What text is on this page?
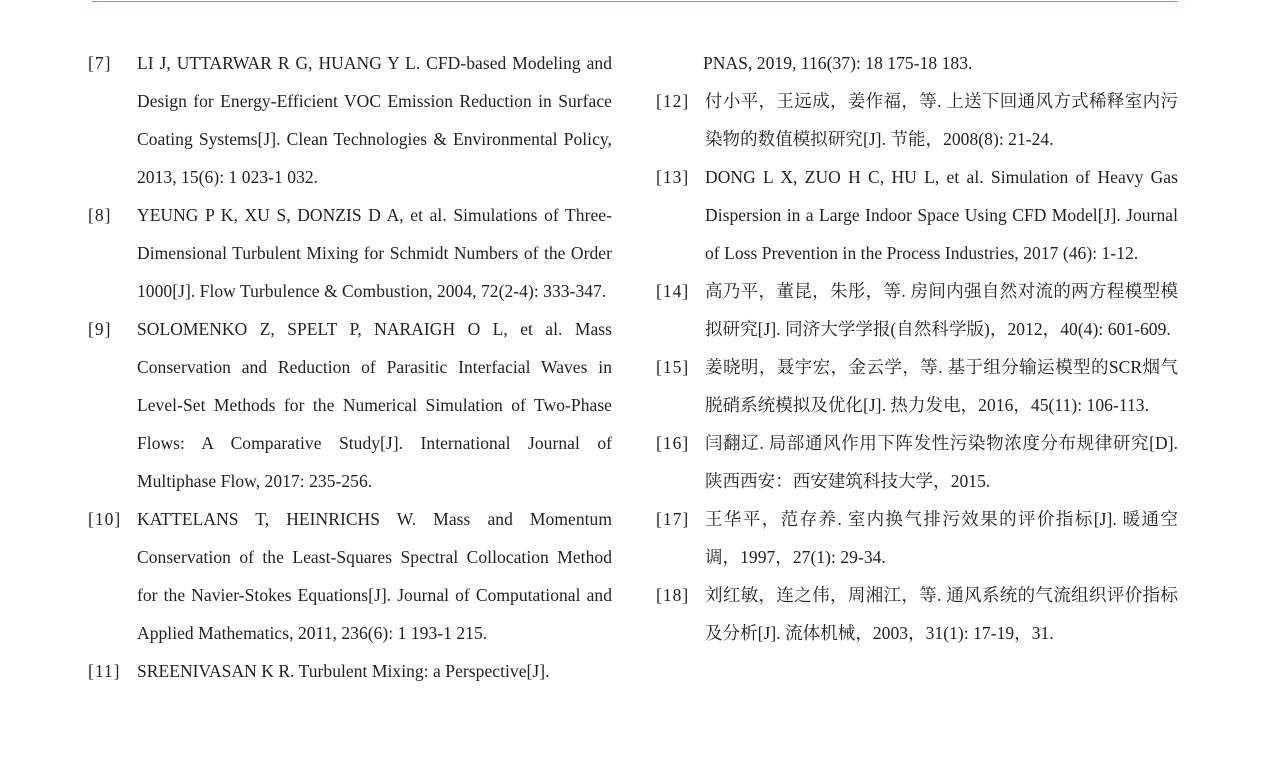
[7] LI J, UTTARWAR R G, HUANG Y L. CFD-based Modeling and Design for Energy-Efficient VOC Emission Reduction in Surface Coating Systems[J]. Clean Technologies & Environmental Policy, 2013, 15(6): 1 023-1 032.
[8] YEUNG P K, XU S, DONZIS D A, et al. Simulations of Three-Dimensional Turbulent Mixing for Schmidt Numbers of the Order 1000[J]. Flow Turbulence & Combustion, 2004, 72(2-4): 333-347.
[9] SOLOMENKO Z, SPELT P, NARAIGH O L, et al. Mass Conservation and Reduction of Parasitic Interfacial Waves in Level-Set Methods for the Numerical Simulation of Two-Phase Flows: A Comparative Study[J]. International Journal of Multiphase Flow, 2017: 235-256.
[10] KATTELANS T, HEINRICHS W. Mass and Momentum Conservation of the Least-Squares Spectral Collocation Method for the Navier-Stokes Equations[J]. Journal of Computational and Applied Mathematics, 2011, 236(6): 1 193-1 215.
[11] SREENIVASAN K R. Turbulent Mixing: a Perspective[J].
PNAS, 2019, 116(37): 18 175-18 183.
[12] 付小平，王远成，姜作福，等. 上送下回通风方式稀释室内污染物的数值模拟研究[J]. 节能，2008(8): 21-24.
[13] DONG L X, ZUO H C, HU L, et al. Simulation of Heavy Gas Dispersion in a Large Indoor Space Using CFD Model[J]. Journal of Loss Prevention in the Process Industries, 2017 (46): 1-12.
[14] 高乃平，董昆，朱彤，等. 房间内强自然对流的两方程模型模拟研究[J]. 同济大学学报(自然科学版)，2012，40(4): 601-609.
[15] 姜晓明，聂宇宏，金云学，等. 基于组分输运模型的SCR烟气脱硝系统模拟及优化[J]. 热力发电，2016，45(11): 106-113.
[16] 闫翻辽. 局部通风作用下阵发性污染物浓度分布规律研究[D]. 陕西西安：西安建筑科技大学，2015.
[17] 王华平，范存养. 室内换气排污效果的评价指标[J]. 暖通空调，1997，27(1): 29-34.
[18] 刘红敏，连之伟，周湘江，等. 通风系统的气流组织评价指标及分析[J]. 流体机械，2003，31(1): 17-19，31.
